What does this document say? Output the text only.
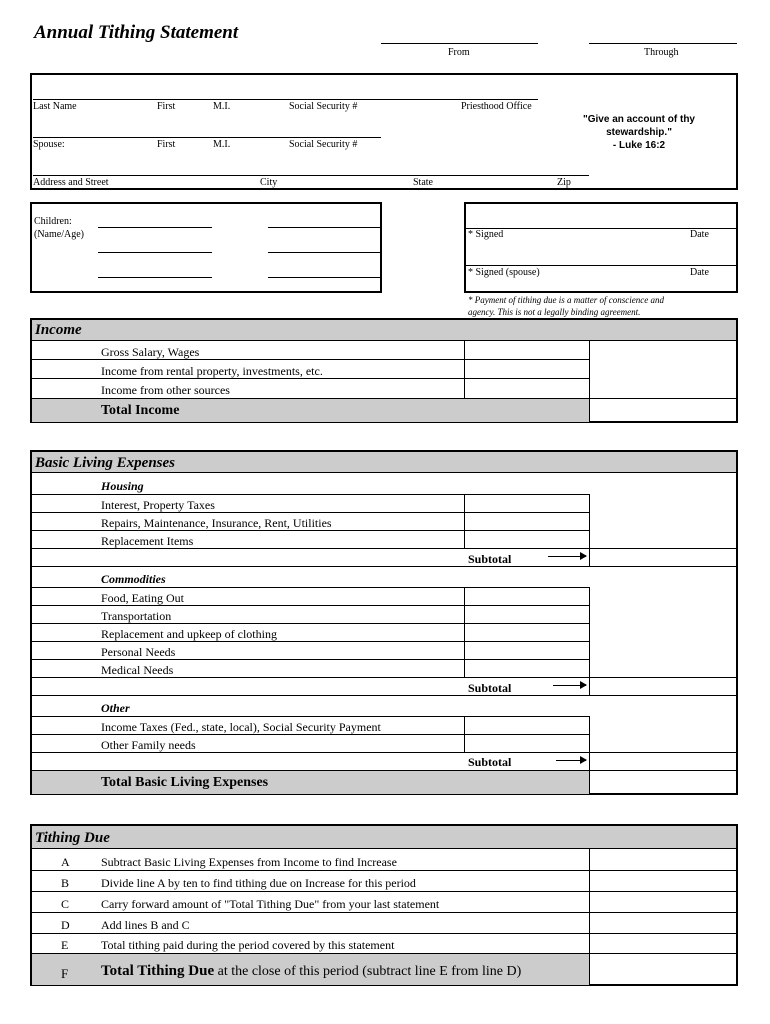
Annual Tithing Statement
From	Through
Last Name	First	M.I.	Social Security #	Priesthood Office
Spouse:	First	M.I.	Social Security #
Address and Street	City	State	Zip
"Give an account of thy
stewardship."
- Luke 16:2
Children:
(Name/Age)	* Signed	Date
* Signed (spouse)	Date
* Payment of tithing due is a matter of conscience and
agency. This is not a legally binding agreement.
Income
Gross Salary, Wages
Income from rental property, investments, etc.
Income from other sources
Total Income
Basic Living Expenses
Housing
Interest, Property Taxes
Repairs, Maintenance, Insurance, Rent, Utilities
Replacement Items
Subtotal
Commodities
Food, Eating Out
Transportation
Replacement and upkeep of clothing
Personal Needs
Medical Needs
Subtotal
Other
Income Taxes (Fed., state, local), Social Security Payment
Other Family needs
Subtotal
Total Basic Living Expenses
Tithing Due
A	Subtract Basic Living Expenses from Income to find Increase
B	Divide line A by ten to find tithing due on Increase for this period
C	Carry forward amount of "Total Tithing Due" from your last statement
D	Add lines B and C
E	Total tithing paid during the period covered by this statement
F Total Tithing Due at the close of this period (subtract line E from line D)
